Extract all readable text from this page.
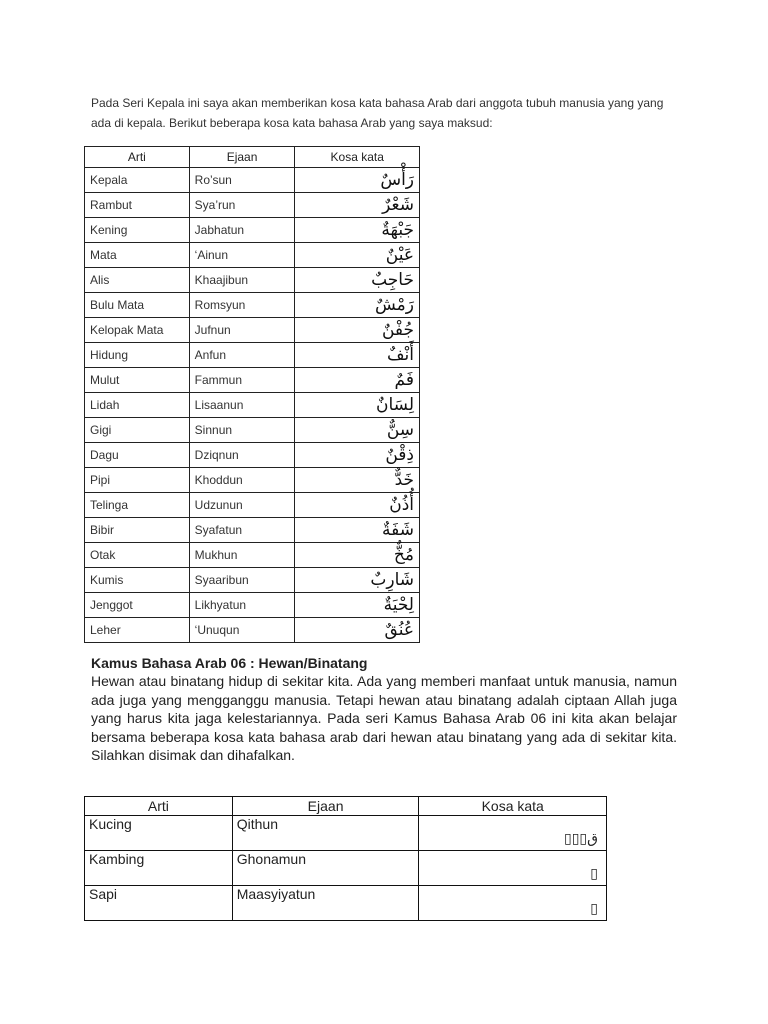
Pada Seri Kepala ini saya akan memberikan kosa kata bahasa Arab dari anggota tubuh manusia yang yang ada di kepala. Berikut beberapa kosa kata bahasa Arab yang saya maksud:

Arti	Ejaan	Kosa kata
Kepala	Ro’sun	رَأْسٌ
Rambut	Sya’run	شَعْرٌ
Kening	Jabhatun	جَبْهَةٌ
Mata	‘Ainun	عَيْنٌ
Alis	Khaajibun	حَاجِبٌ
Bulu Mata	Romsyun	رَمْشٌ
Kelopak Mata	Jufnun	جُفْنٌ
Hidung	Anfun	أَنْفٌ
Mulut	Fammun	فَمٌ
Lidah	Lisaanun	لِسَانٌ
Gigi	Sinnun	سِنٌّ
Dagu	Dziqnun	ذِقْنٌ
Pipi	Khoddun	خَدٌّ
Telinga	Udzunun	أُذُنٌ
Bibir	Syafatun	شَفَةٌ
Otak	Mukhun	مُخٌّ
Kumis	Syaaribun	شَارِبٌ
Jenggot	Likhyatun	لِحْيَةٌ
Leher	‘Unuqun	عُنُقٌ
Kamus Bahasa Arab 06 : Hewan/Binatang

Hewan atau binatang hidup di sekitar kita. Ada yang memberi manfaat untuk manusia, namun ada juga yang mengganggu manusia. Tetapi hewan atau binatang adalah ciptaan Allah juga yang harus kita jaga kelestariannya. Pada seri Kamus Bahasa Arab 06 ini kita akan belajar bersama beberapa kosa kata bahasa arab dari hewan atau binatang yang ada di sekitar kita. Silahkan disimak dan dihafalkan.

Arti	Ejaan	Kosa kata
Kucing	Qithun	ق▯▯▯
Kambing	Ghonamun	▯
Sapi	Maasyiyatun	▯
